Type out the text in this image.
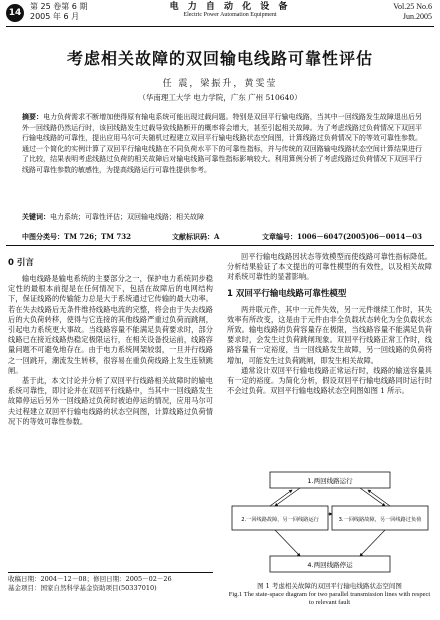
14
第 25 卷第 6 期
2005 年 6 月
电 力 自 动 化 设 备
Electric Power Automation Equipment
Vol.25 No.6
Jun.2005
考虑相关故障的双回输电线路可靠性评估
任 震，梁振升，黄雯莹
（华南理工大学 电力学院，广东 广州 510640）
摘要：电力负荷需求不断增加使得原有输电系统可能出现过载问题。特别是双回平行输电线路，当其中一回线路发生故障退出后另外一回线路仍然运行时，该回线路发生过载导致线路断开的概率将会增大，甚至引起相关故障。为了考虑线路过负荷情况下双回平行输电线路的可靠性，提出应用马尔可夫随机过程建立双回平行输电线路状态空间图，计算线路过负荷情况下的等效可靠性参数。通过一个简化的实例计算了双回平行输电线路在不同负荷水平下的可靠性指标，并与传统的双回路输电线路状态空间计算结果进行了比较，结果表明考虑线路过负荷的相关故障后对输电线路可靠性指标影响较大。利用算例分析了考虑线路过负荷情况下双回平行线路可靠性参数的敏感性，为提高线路运行可靠性提供参考。
关键词：电力系统；可靠性评估；双回输电线路；相关故障
中图分类号：TM 726；TM 732	文献标识码：A	文章编号：1006－6047(2005)06－0014－03
0 引言

输电线路是输电系统的主要部分之一，保护电力系统同步稳定性的最根本前提是在任何情况下，包括在故障后的电网结构下，保证线路的传输能力总是大于系统通过它传输的最大功率。若在失去线路后无条件维持线路电流的完整，将会由于失去线路后的大负荷转移，使得与它连接的其他线路严重过负荷而跳闸，引起电力系统更大事故。当线路容量不能满足负荷要求时，部分线路已在接近线路热稳定极限运行，在相关设备投运前，线路容量问题不可避免地存在。由于电力系统网架较弱，一旦并行线路之一回跳开，潮流发生转移，很容易在重负荷线路上发生连锁跳闸。

基于此，本文讨论并分析了双回平行线路相关故障时的输电系统可靠性，即讨论并在双回平行线路中，当其中一回线路发生故障停运后另外一回线路过负荷时被迫停运的情况，应用马尔可夫过程建立双回平行输电线路的状态空间图，计算线路过负荷情况下的等效可靠性参数。

收稿日期：2004－12－08；修回日期：2005－02－26
基金项目：国家自然科学基金资助项目(50337010)

回平行输电线路因状态等效模型而使线路可靠性指标降低。分析结果验证了本文提出的可靠性模型的有效性，以及相关故障对系统可靠性的显著影响。

1 双回平行输电线路可靠性模型

两并联元件，其中一元件失效，另一元件继续工作时，其失效率有所改变，这是由于元件由非全负载状态转化为全负载状态所致。输电线路的负荷容量存在极限，当线路容量不能满足负荷要求时，会发生过负荷跳闸现象。双回平行线路正常工作时，线路容量有一定裕度，当一回线路发生故障，另一回线路的负荷将增加，可能发生过负荷跳闸，即发生相关故障。

通常设计双回平行输电线路正常运行时，线路的输送容量具有一定的裕度。为简化分析，假设双回平行输电线路同时运行时不会过负荷。双回平行输电线路状态空间图如图 1 所示。

1.两回线路运行
2.一回线路故障，另一回线路运行	3.一回线路故障，另一回线路过负荷
4.两回线路停运
图 1 考虑相关故障的双回平行输电线路状态空间图
Fig.1 The state-space diagram for two parallel transmission lines with respect to relevant fault
